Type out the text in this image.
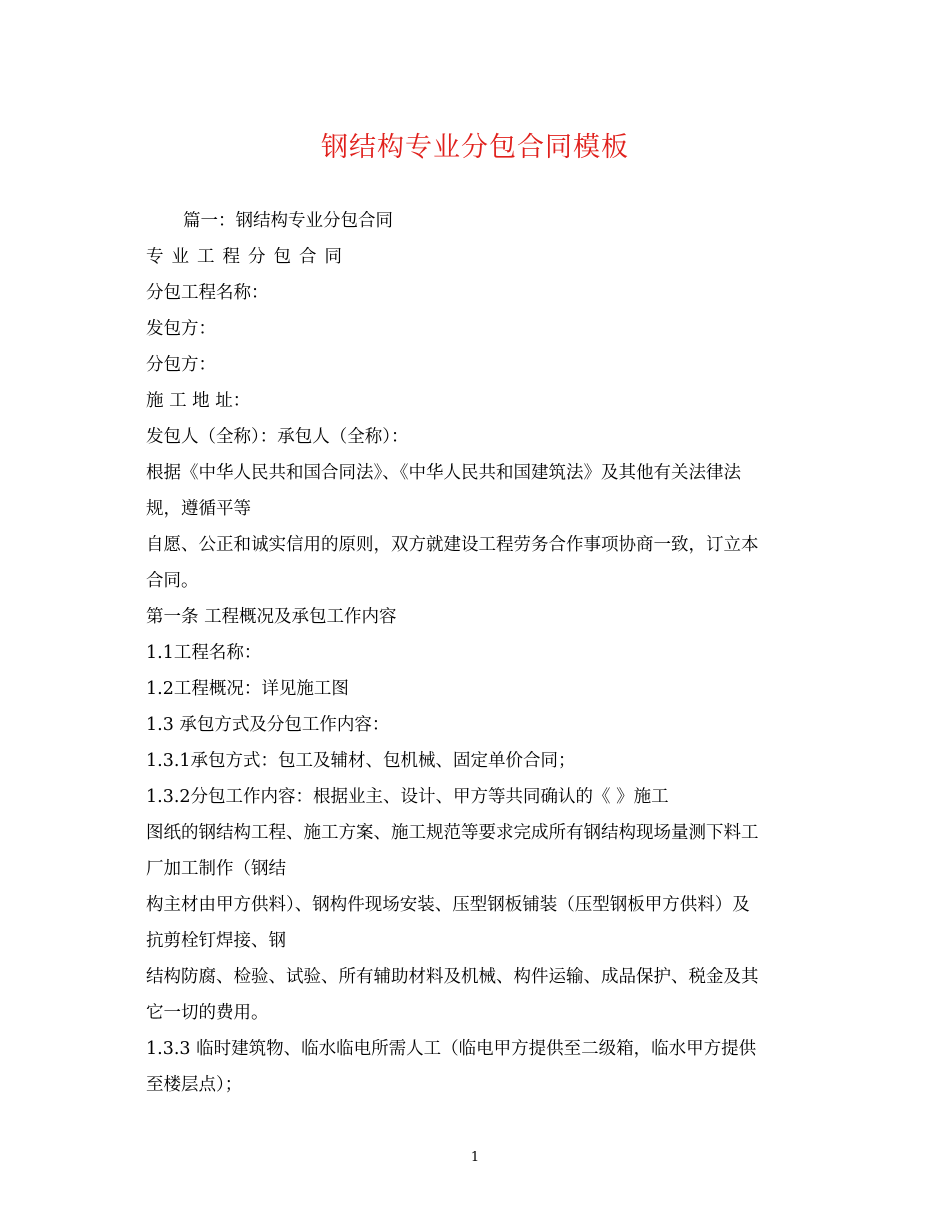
钢结构专业分包合同模板

篇一：钢结构专业分包合同

专业工程分包合同

分包工程名称：

发包方：

分包方：

施 工 地 址：

发包人（全称）：承包人（全称）：

根据《中华人民共和国合同法》、《中华人民共和国建筑法》及其他有关法律法

规，遵循平等

自愿、公正和诚实信用的原则，双方就建设工程劳务合作事项协商一致，订立本

合同。

第一条 工程概况及承包工作内容

1.1工程名称：

1.2工程概况：详见施工图

1.3 承包方式及分包工作内容：

1.3.1承包方式：包工及辅材、包机械、固定单价合同；

1.3.2分包工作内容：根据业主、设计、甲方等共同确认的《 》施工

图纸的钢结构工程、施工方案、施工规范等要求完成所有钢结构现场量测下料工

厂加工制作（钢结

构主材由甲方供料）、钢构件现场安装、压型钢板铺装（压型钢板甲方供料）及

抗剪栓钉焊接、钢

结构防腐、检验、试验、所有辅助材料及机械、构件运输、成品保护、税金及其

它一切的费用。

1.3.3 临时建筑物、临水临电所需人工（临电甲方提供至二级箱，临水甲方提供

至楼层点）；

1
